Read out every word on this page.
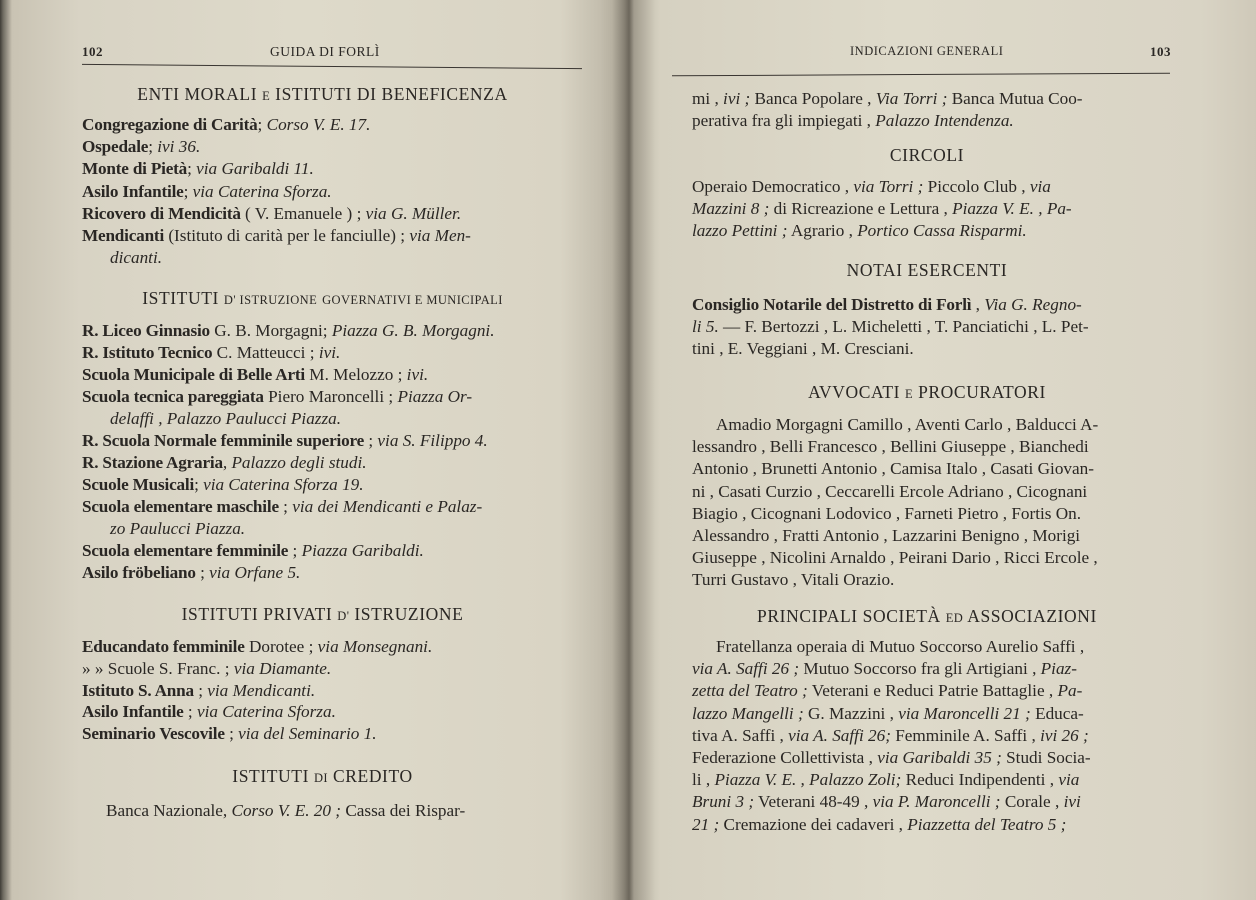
102	GUIDA DI FORLÌ
ENTI MORALI E ISTITUTI DI BENEFICENZA
Congregazione di Carità; Corso V. E. 17.
Ospedale; ivi 36.
Monte di Pietà; via Garibaldi 11.
Asilo Infantile; via Caterina Sforza.
Ricovero di Mendicità ( V. Emanuele ) ; via G. Müller.
Mendicanti (Istituto di carità per le fanciulle) ; via Men-
dicanti.
ISTITUTI D' ISTRUZIONE GOVERNATIVI E MUNICIPALI
R. Liceo Ginnasio G. B. Morgagni; Piazza G. B. Morgagni.
R. Istituto Tecnico C. Matteucci ; ivi.
Scuola Municipale di Belle Arti M. Melozzo ; ivi.
Scuola tecnica pareggiata Piero Maroncelli ; Piazza Or-
delaffi , Palazzo Paulucci Piazza.
R. Scuola Normale femminile superiore ; via S. Filippo 4.
R. Stazione Agraria, Palazzo degli studi.
Scuole Musicali; via Caterina Sforza 19.
Scuola elementare maschile ; via dei Mendicanti e Palaz-
zo Paulucci Piazza.
Scuola elementare femminile ; Piazza Garibaldi.
Asilo fröbeliano ; via Orfane 5.
ISTITUTI PRIVATI D' ISTRUZIONE
Educandato femminile Dorotee ; via Monsegnani.
» » Scuole S. Franc. ; via Diamante.
Istituto S. Anna ; via Mendicanti.
Asilo Infantile ; via Caterina Sforza.
Seminario Vescovile ; via del Seminario 1.
ISTITUTI DI CREDITO
Banca Nazionale, Corso V. E. 20 ; Cassa dei Rispar-
INDICAZIONI GENERALI	103
mi , ivi ; Banca Popolare , Via Torri ; Banca Mutua Coo-
perativa fra gli impiegati , Palazzo Intendenza.
CIRCOLI
Operaio Democratico , via Torri ; Piccolo Club , via
Mazzini 8 ; di Ricreazione e Lettura , Piazza V. E. , Pa-
lazzo Pettini ; Agrario , Portico Cassa Risparmi.
NOTAI ESERCENTI
Consiglio Notarile del Distretto di Forlì , Via G. Regno-
li 5. — F. Bertozzi , L. Micheletti , T. Panciatichi , L. Pet-
tini , E. Veggiani , M. Cresciani.
AVVOCATI E PROCURATORI
Amadio Morgagni Camillo , Aventi Carlo , Balducci A-
lessandro , Belli Francesco , Bellini Giuseppe , Bianchedi
Antonio , Brunetti Antonio , Camisa Italo , Casati Giovan-
ni , Casati Curzio , Ceccarelli Ercole Adriano , Cicognani
Biagio , Cicognani Lodovico , Farneti Pietro , Fortis On.
Alessandro , Fratti Antonio , Lazzarini Benigno , Morigi
Giuseppe , Nicolini Arnaldo , Peirani Dario , Ricci Ercole ,
Turri Gustavo , Vitali Orazio.
PRINCIPALI SOCIETÀ ED ASSOCIAZIONI
Fratellanza operaia di Mutuo Soccorso Aurelio Saffi ,
via A. Saffi 26 ; Mutuo Soccorso fra gli Artigiani , Piaz-
zetta del Teatro ; Veterani e Reduci Patrie Battaglie , Pa-
lazzo Mangelli ; G. Mazzini , via Maroncelli 21 ; Educa-
tiva A. Saffi , via A. Saffi 26; Femminile A. Saffi , ivi 26 ;
Federazione Collettivista , via Garibaldi 35 ; Studi Socia-
li , Piazza V. E. , Palazzo Zoli; Reduci Indipendenti , via
Bruni 3 ; Veterani 48-49 , via P. Maroncelli ; Corale , ivi
21 ; Cremazione dei cadaveri , Piazzetta del Teatro 5 ;
